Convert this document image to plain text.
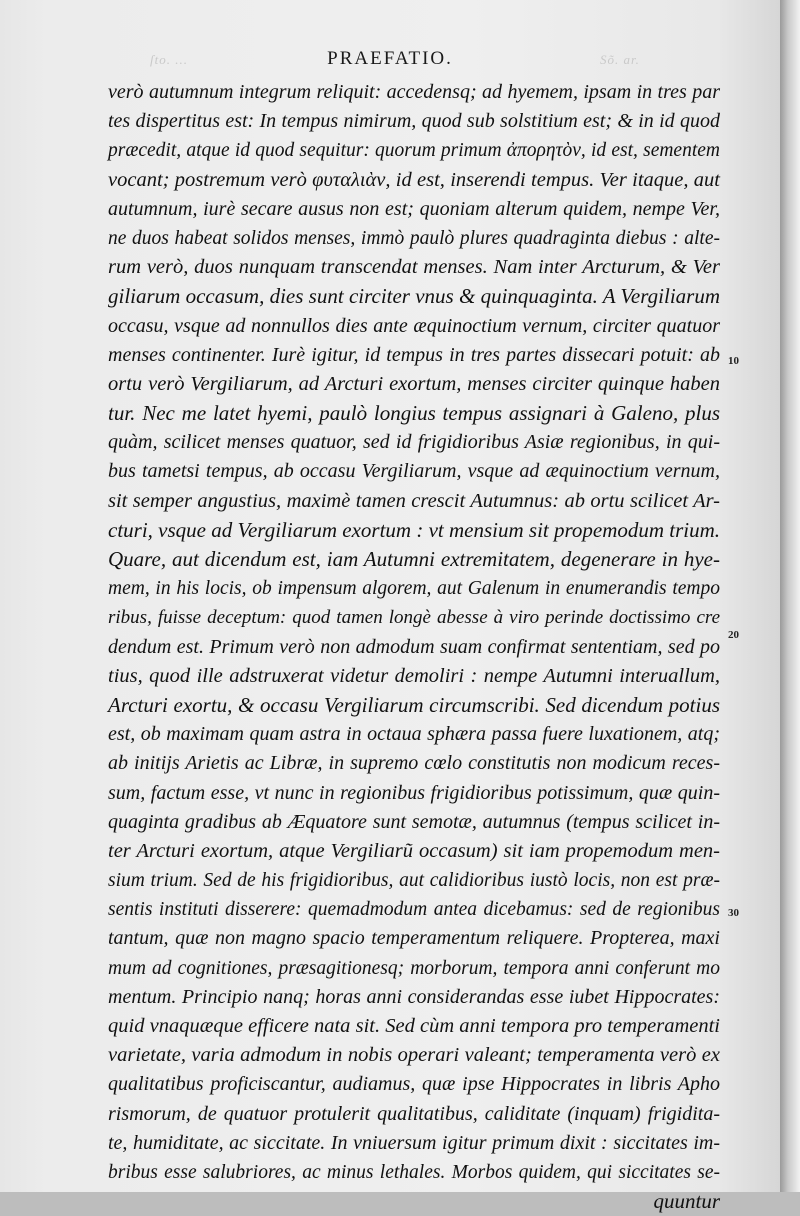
ſto. ...	Sõ. ar.
PRAEFATIO.
verò autumnum integrum reliquit: accedensq; ad hyemem, ipsam in tres par
tes dispertitus est: In tempus nimirum, quod sub solstitium est; & in id quod
præcedit, atque id quod sequitur: quorum primum ἀπορητὸν, id est, sementem
vocant; postremum verò φυταλιὰν, id est, inserendi tempus. Ver itaque, aut
autumnum, iurè secare ausus non est; quoniam alterum quidem, nempe Ver,
ne duos habeat solidos menses, immò paulò plures quadraginta diebus : alte-
rum verò, duos nunquam transcendat menses. Nam inter Arcturum, & Ver
giliarum occasum, dies sunt circiter vnus & quinquaginta. A Vergiliarum
occasu, vsque ad nonnullos dies ante æquinoctium vernum, circiter quatuor
menses continenter. Iurè igitur, id tempus in tres partes dissecari potuit: ab
ortu verò Vergiliarum, ad Arcturi exortum, menses circiter quinque haben
tur. Nec me latet hyemi, paulò longius tempus assignari à Galeno, plus
quàm, scilicet menses quatuor, sed id frigidioribus Asiæ regionibus, in qui-
bus tametsi tempus, ab occasu Vergiliarum, vsque ad æquinoctium vernum,
sit semper angustius, maximè tamen crescit Autumnus: ab ortu scilicet Ar-
cturi, vsque ad Vergiliarum exortum : vt mensium sit propemodum trium.
Quare, aut dicendum est, iam Autumni extremitatem, degenerare in hye-
mem, in his locis, ob impensum algorem, aut Galenum in enumerandis tempo
ribus, fuisse deceptum: quod tamen longè abesse à viro perinde doctissimo cre
dendum est. Primum verò non admodum suam confirmat sententiam, sed po
tius, quod ille adstruxerat videtur demoliri : nempe Autumni interuallum,
Arcturi exortu, & occasu Vergiliarum circumscribi. Sed dicendum potius
est, ob maximam quam astra in octaua sphæra passa fuere luxationem, atq;
ab initijs Arietis ac Libræ, in supremo cœlo constitutis non modicum reces-
sum, factum esse, vt nunc in regionibus frigidioribus potissimum, quæ quin-
quaginta gradibus ab Æquatore sunt semotæ, autumnus (tempus scilicet in-
ter Arcturi exortum, atque Vergiliarũ occasum) sit iam propemodum men-
sium trium. Sed de his frigidioribus, aut calidioribus iustò locis, non est præ-
sentis instituti disserere: quemadmodum antea dicebamus: sed de regionibus
tantum, quæ non magno spacio temperamentum reliquere. Propterea, maxi
mum ad cognitiones, præsagitionesq; morborum, tempora anni conferunt mo
mentum. Principio nanq; horas anni considerandas esse iubet Hippocrates:
quid vnaquæque efficere nata sit. Sed cùm anni tempora pro temperamenti
varietate, varia admodum in nobis operari valeant; temperamenta verò ex
qualitatibus proficiscantur, audiamus, quæ ipse Hippocrates in libris Apho
rismorum, de quatuor protulerit qualitatibus, caliditate (inquam) frigidita-
te, humiditate, ac siccitate. In vniuersum igitur primum dixit : siccitates im-
bribus esse salubriores, ac minus lethales. Morbos quidem, qui siccitates se-
quuntur
10
20
30
